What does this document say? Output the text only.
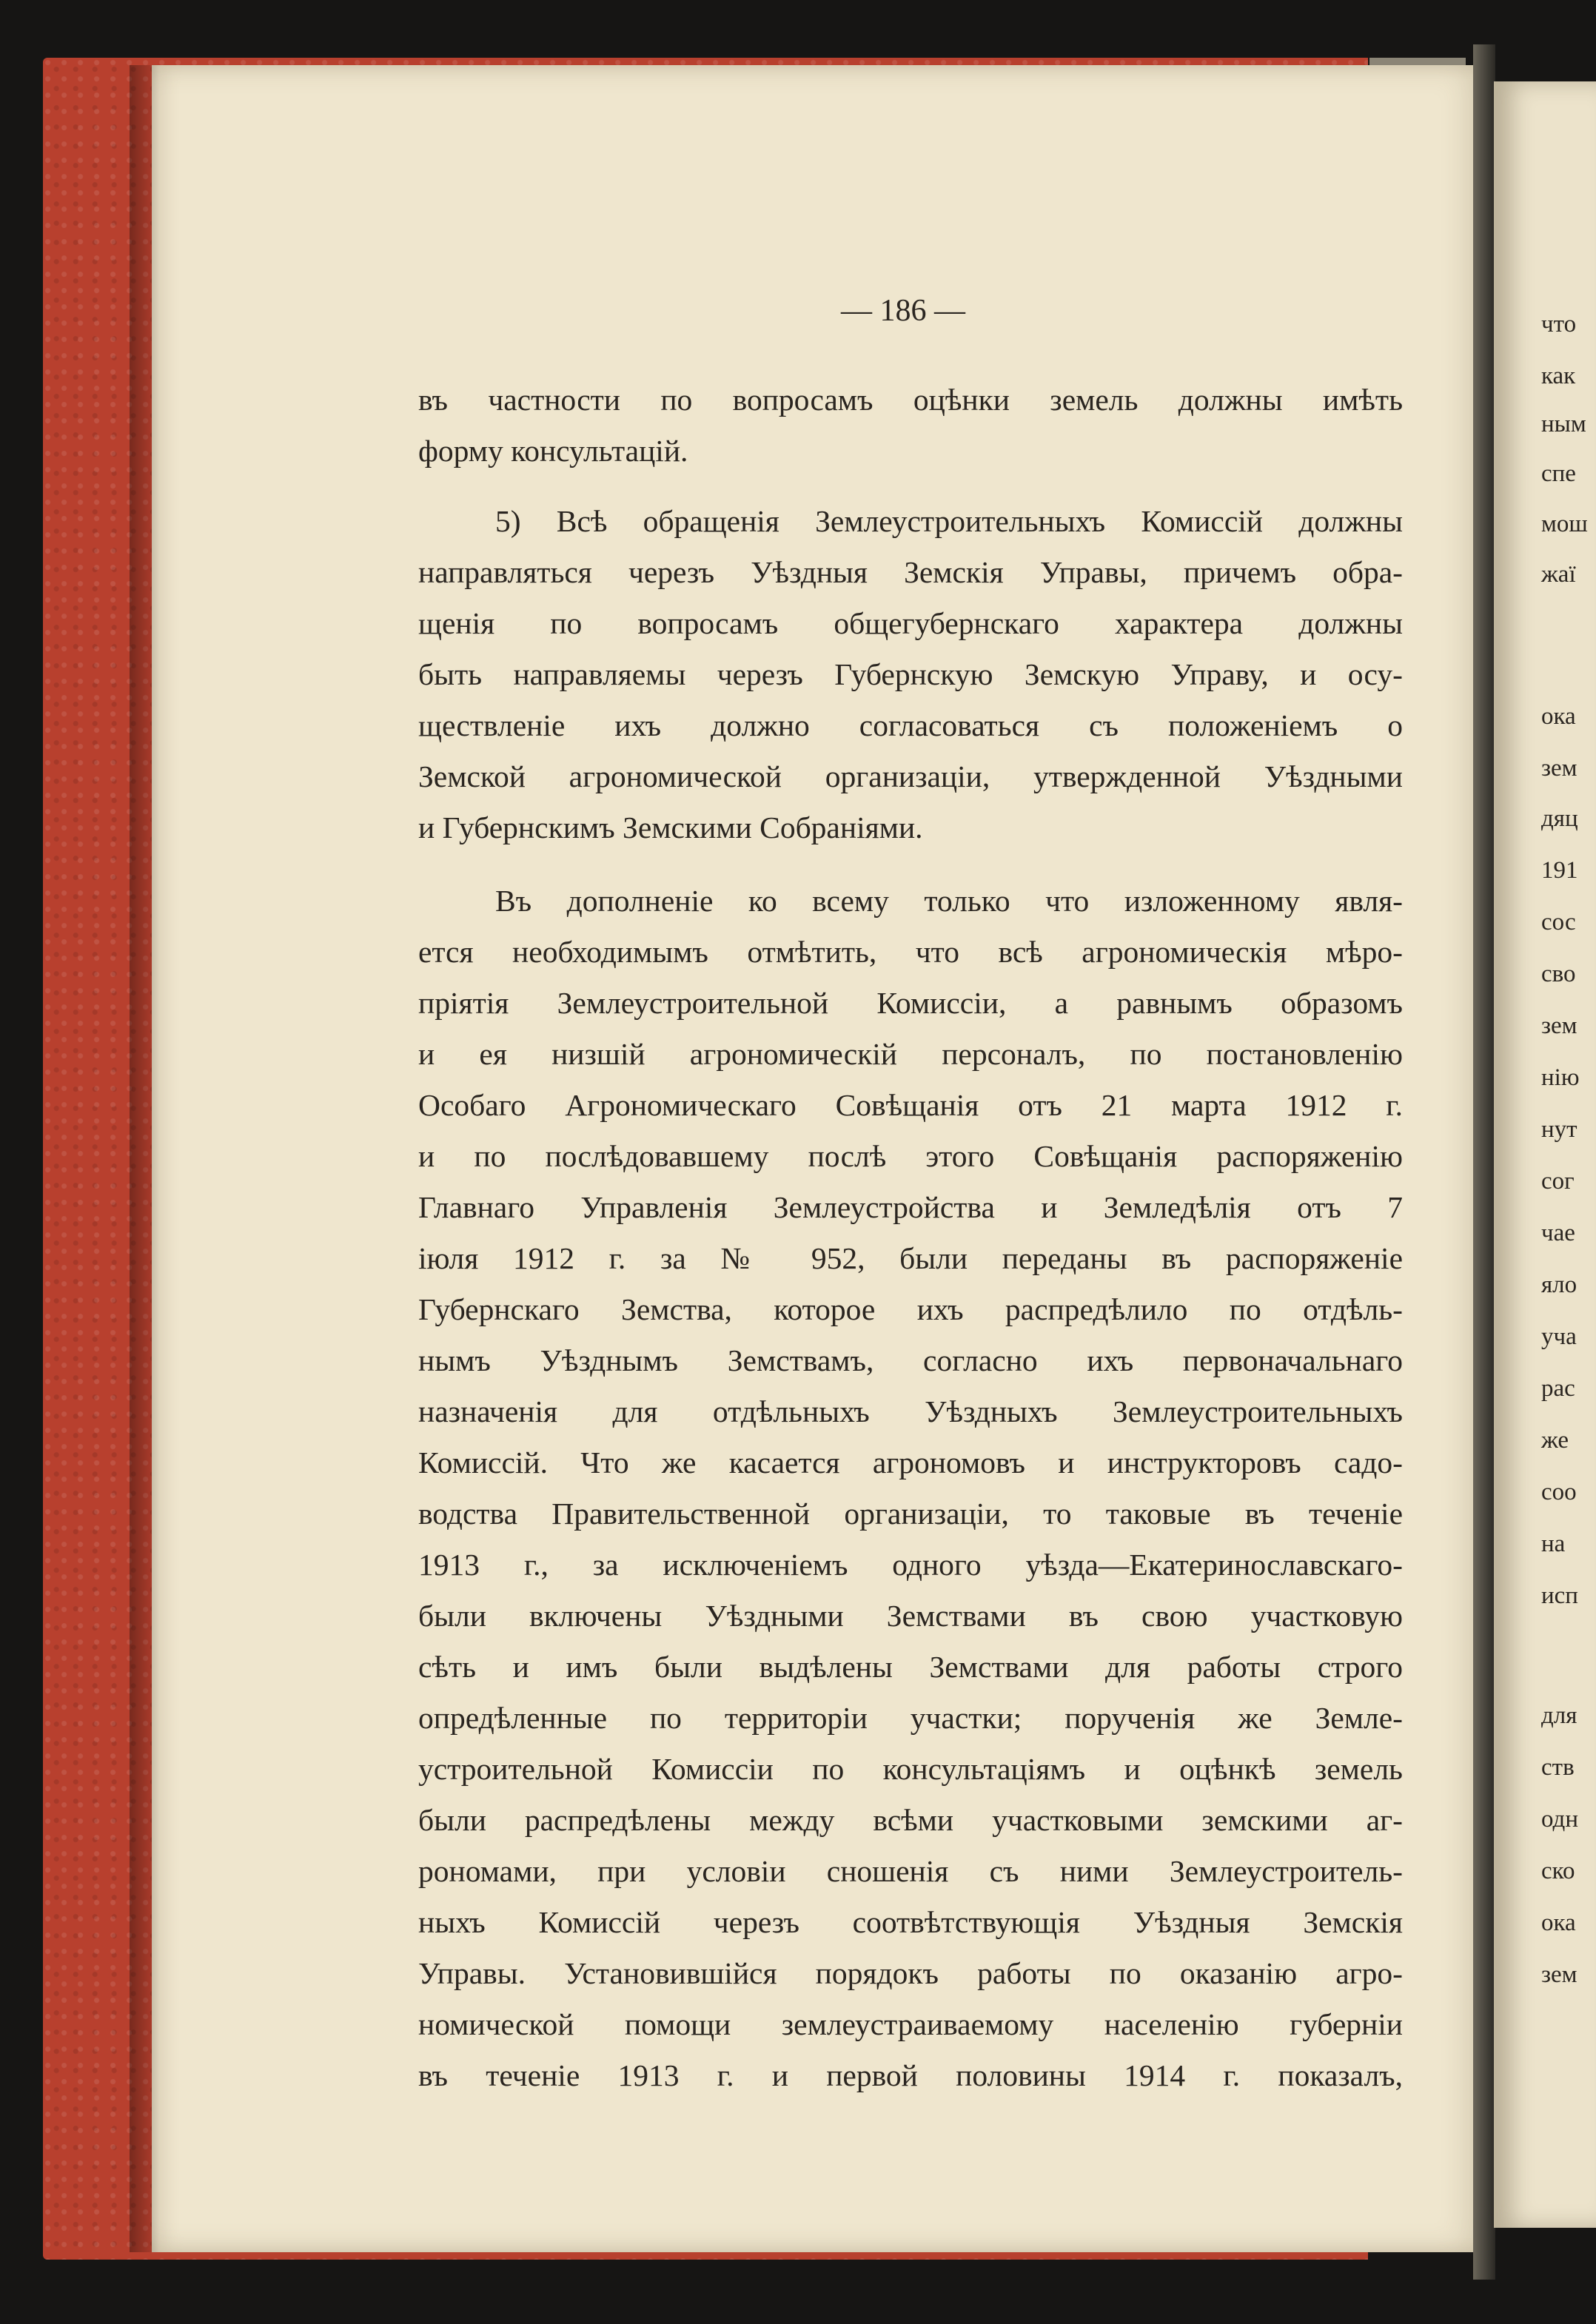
что
как
ным
спе
мош
жаї
ока
зем
дяц
191
сос
сво
зем
нію
нут
сог
чае
яло
уча
рас
же
соо
на
исп
для
ств
одн
ско
ока
зем
— 186 —
въ частности по вопросамъ оцѣнки земель должны имѣть
форму консультацій.
5) Всѣ обращенія Землеустроительныхъ Комиссій должны
направляться черезъ Уѣздныя Земскія Управы, причемъ обра-
щенія по вопросамъ общегубернскаго характера должны
быть направляемы черезъ Губернскую Земскую Управу, и осу-
ществленіе ихъ должно согласоваться съ положеніемъ о
Земской агрономической организаціи, утвержденной Уѣздными
и Губернскимъ Земскими Собраніями.
Въ дополненіе ко всему только что изложенному явля-
ется необходимымъ отмѣтить, что всѣ агрономическія мѣро-
пріятія Землеустроительной Комиссіи, а равнымъ образомъ
и ея низшій агрономическій персоналъ, по постановленію
Особаго Агрономическаго Совѣщанія отъ 21 марта 1912 г.
и по послѣдовавшему послѣ этого Совѣщанія распоряженію
Главнаго Управленія Землеустройства и Земледѣлія отъ 7
іюля 1912 г. за № 952, были переданы въ распоряженіе
Губернскаго Земства, которое ихъ распредѣлило по отдѣль-
нымъ Уѣзднымъ Земствамъ, согласно ихъ первоначальнаго
назначенія для отдѣльныхъ Уѣздныхъ Землеустроительныхъ
Комиссій. Что же касается агрономовъ и инструкторовъ садо-
водства Правительственной организаціи, то таковые въ теченіе
1913 г., за исключеніемъ одного уѣзда—Екатеринославскаго-
были включены Уѣздными Земствами въ свою участковую
сѣть и имъ были выдѣлены Земствами для работы строго
опредѣленные по территоріи участки; порученія же Земле-
устроительной Комиссіи по консультаціямъ и оцѣнкѣ земель
были распредѣлены между всѣми участковыми земскими аг-
рономами, при условіи сношенія съ ними Землеустроитель-
ныхъ Комиссій черезъ соотвѣтствующія Уѣздныя Земскія
Управы. Установившійся порядокъ работы по оказанію агро-
номической помощи землеустраиваемому населенію губерніи
въ теченіе 1913 г. и первой половины 1914 г. показалъ,
